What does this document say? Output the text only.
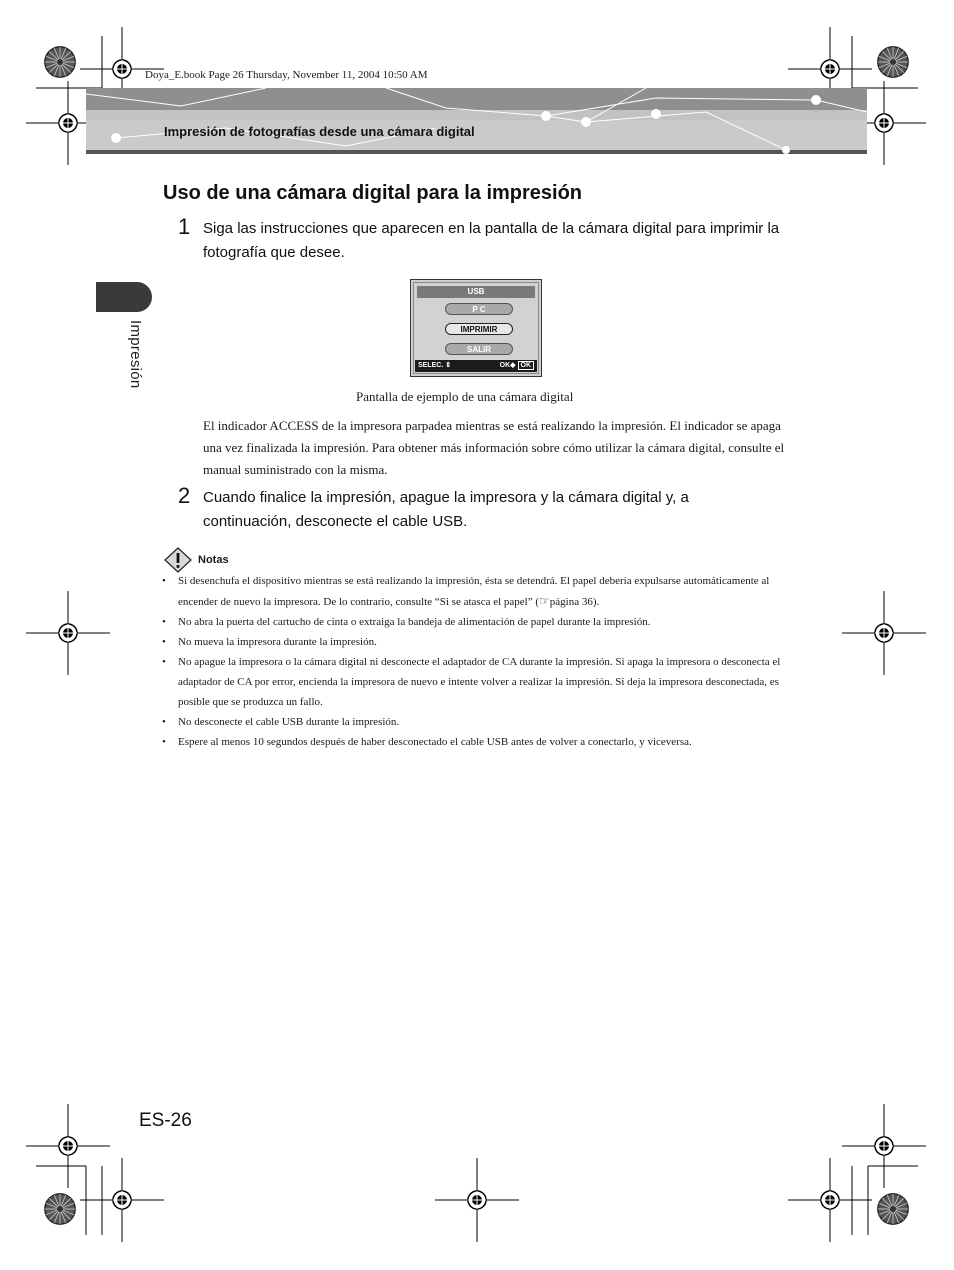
Doya_E.book Page 26 Thursday, November 11, 2004 10:50 AM
Impresión de fotografías desde una cámara digital
Impresión
Uso de una cámara digital para la impresión
1 Siga las instrucciones que aparecen en la pantalla de la cámara digital para imprimir la fotografía que desee.
USB
P C
IMPRIMIR
SALIR
SELEC. ⇕	OK◆ OK
Pantalla de ejemplo de una cámara digital
El indicador ACCESS de la impresora parpadea mientras se está realizando la impresión. El indicador se apaga una vez finalizada la impresión. Para obtener más información sobre cómo utilizar la cámara digital, consulte el manual suministrado con la misma.
2 Cuando finalice la impresión, apague la impresora y la cámara digital y, a continuación, desconecte el cable USB.
Notas
• Si desenchufa el dispositivo mientras se está realizando la impresión, ésta se detendrá. El papel debería expulsarse automáticamente al encender de nuevo la impresora. De lo contrario, consulte “Si se atasca el papel” (☞página 36).
• No abra la puerta del cartucho de cinta o extraiga la bandeja de alimentación de papel durante la impresión.
• No mueva la impresora durante la impresión.
• No apague la impresora o la cámara digital ni desconecte el adaptador de CA durante la impresión. Si apaga la impresora o desconecta el adaptador de CA por error, encienda la impresora de nuevo e intente volver a realizar la impresión. Si deja la impresora desconectada, es posible que se produzca un fallo.
• No desconecte el cable USB durante la impresión.
• Espere al menos 10 segundos después de haber desconectado el cable USB antes de volver a conectarlo, y viceversa.
ES-26
